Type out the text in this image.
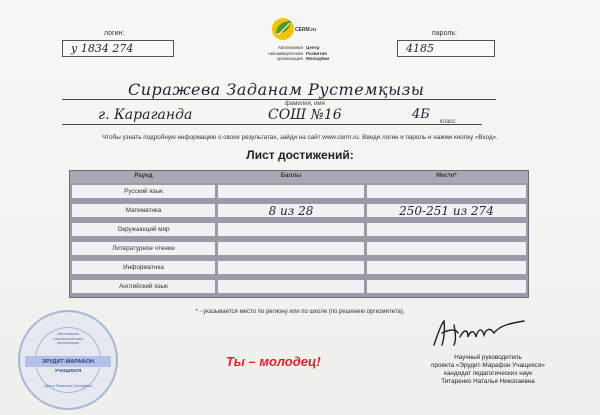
логин:
у 1834 274
пароль:
4185
CERM.ru
Автономная
некоммерческая
организация
Центр
Развития
Молодёжи
Сиражева Заданам Рустемқызы
фамилия, имя
г. Караганда	СОШ №16	4Б класс
Чтобы узнать подробную информацию о своих результатах, зайди на сайт www.cerm.ru. Введи логин и пароль и нажми кнопку «Вход».
Лист достижений:
Раунд	Баллы	Место*
Русский язык
Математика	8 из 28	250-251 из 274
Окружающий мир
Литературное чтение
Информатика
Английский язык
* - указывается место по региону или по школе (по решению оргкомитета).
Автономная некоммерческая организация
ЭРУДИТ-МАРАФОН
УЧАЩИХСЯ
Центр Развития Молодёжи
Ты – молодец!	Научный руководитель
проекта «Эрудит-Марафон Учащихся»
кандидат педагогических наук
Титаренко Наталья Николаевна
